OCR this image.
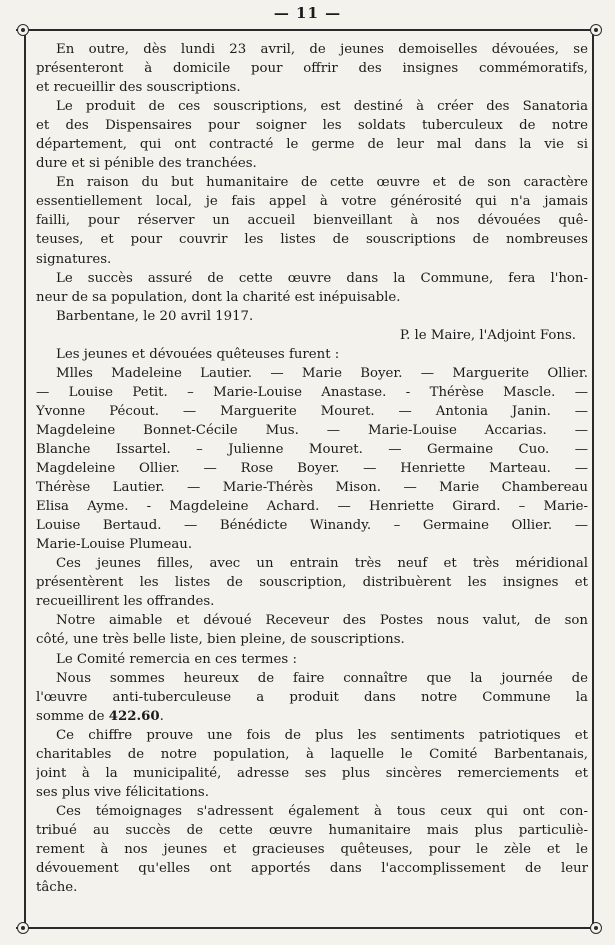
— 11 —
En outre, dès lundi 23 avril, de jeunes demoiselles dévouées, se
présenteront à domicile pour offrir des insignes commémoratifs,
et recueillir des souscriptions.
Le produit de ces souscriptions, est destiné à créer des Sanatoria
et des Dispensaires pour soigner les soldats tuberculeux de notre
département, qui ont contracté le germe de leur mal dans la vie si
dure et si pénible des tranchées.
En raison du but humanitaire de cette œuvre et de son caractère
essentiellement local, je fais appel à votre générosité qui n'a jamais
failli, pour réserver un accueil bienveillant à nos dévouées quê-
teuses, et pour couvrir les listes de souscriptions de nombreuses
signatures.
Le succès assuré de cette œuvre dans la Commune, fera l'hon-
neur de sa population, dont la charité est inépuisable.
Barbentane, le 20 avril 1917.
P. le Maire, l'Adjoint Fons.
Les jeunes et dévouées quêteuses furent :
Mlles Madeleine Lautier. — Marie Boyer. — Marguerite Ollier.
— Louise Petit. – Marie-Louise Anastase. - Thérèse Mascle. —
Yvonne Pécout. — Marguerite Mouret. — Antonia Janin. —
Magdeleine Bonnet-Cécile Mus. — Marie-Louise Accarias. —
Blanche Issartel. – Julienne Mouret. — Germaine Cuo. —
Magdeleine Ollier. — Rose Boyer. — Henriette Marteau. —
Thérèse Lautier. — Marie-Thérès Mison. — Marie Chambereau
Elisa Ayme. - Magdeleine Achard. — Henriette Girard. – Marie-
Louise Bertaud. — Bénédicte Winandy. – Germaine Ollier. —
Marie-Louise Plumeau.
Ces jeunes filles, avec un entrain très neuf et très méridional
présentèrent les listes de souscription, distribuèrent les insignes et
recueillirent les offrandes.
Notre aimable et dévoué Receveur des Postes nous valut, de son
côté, une très belle liste, bien pleine, de souscriptions.
Le Comité remercia en ces termes :
Nous sommes heureux de faire connaître que la journée de
l'œuvre anti-tuberculeuse a produit dans notre Commune la
somme de 422.60.
Ce chiffre prouve une fois de plus les sentiments patriotiques et
charitables de notre population, à laquelle le Comité Barbentanais,
joint à la municipalité, adresse ses plus sincères remerciements et
ses plus vive félicitations.
Ces témoignages s'adressent également à tous ceux qui ont con-
tribué au succès de cette œuvre humanitaire mais plus particuliè-
rement à nos jeunes et gracieuses quêteuses, pour le zèle et le
dévouement qu'elles ont apportés dans l'accomplissement de leur
tâche.
